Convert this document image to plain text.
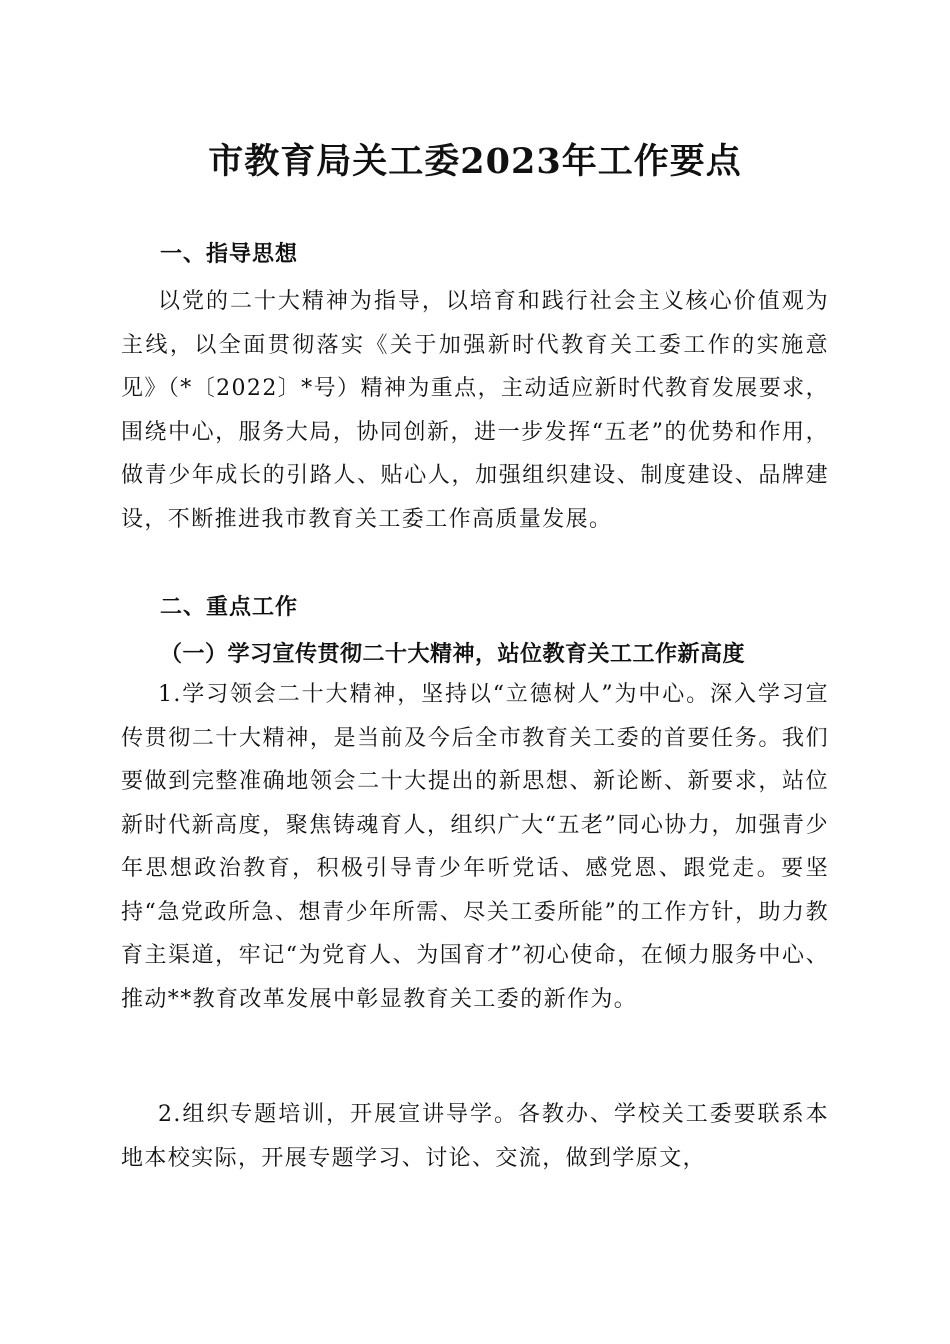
市教育局关工委2023年工作要点
一、指导思想

以党的二十大精神为指导，以培育和践行社会主义核心价值观为主线，以全面贯彻落实《关于加强新时代教育关工委工作的实施意见》（*〔2022〕*号）精神为重点，主动适应新时代教育发展要求，围绕中心，服务大局，协同创新，进一步发挥“五老”的优势和作用，做青少年成长的引路人、贴心人，加强组织建设、制度建设、品牌建设，不断推进我市教育关工委工作高质量发展。

二、重点工作
（一）学习宣传贯彻二十大精神，站位教育关工工作新高度

1.学习领会二十大精神，坚持以“立德树人”为中心。深入学习宣传贯彻二十大精神，是当前及今后全市教育关工委的首要任务。我们要做到完整准确地领会二十大提出的新思想、新论断、新要求，站位新时代新高度，聚焦铸魂育人，组织广大“五老”同心协力，加强青少年思想政治教育，积极引导青少年听党话、感党恩、跟党走。要坚持“急党政所急、想青少年所需、尽关工委所能”的工作方针，助力教育主渠道，牢记“为党育人、为国育才”初心使命，在倾力服务中心、推动**教育改革发展中彰显教育关工委的新作为。

2.组织专题培训，开展宣讲导学。各教办、学校关工委要联系本地本校实际，开展专题学习、讨论、交流，做到学原文，
